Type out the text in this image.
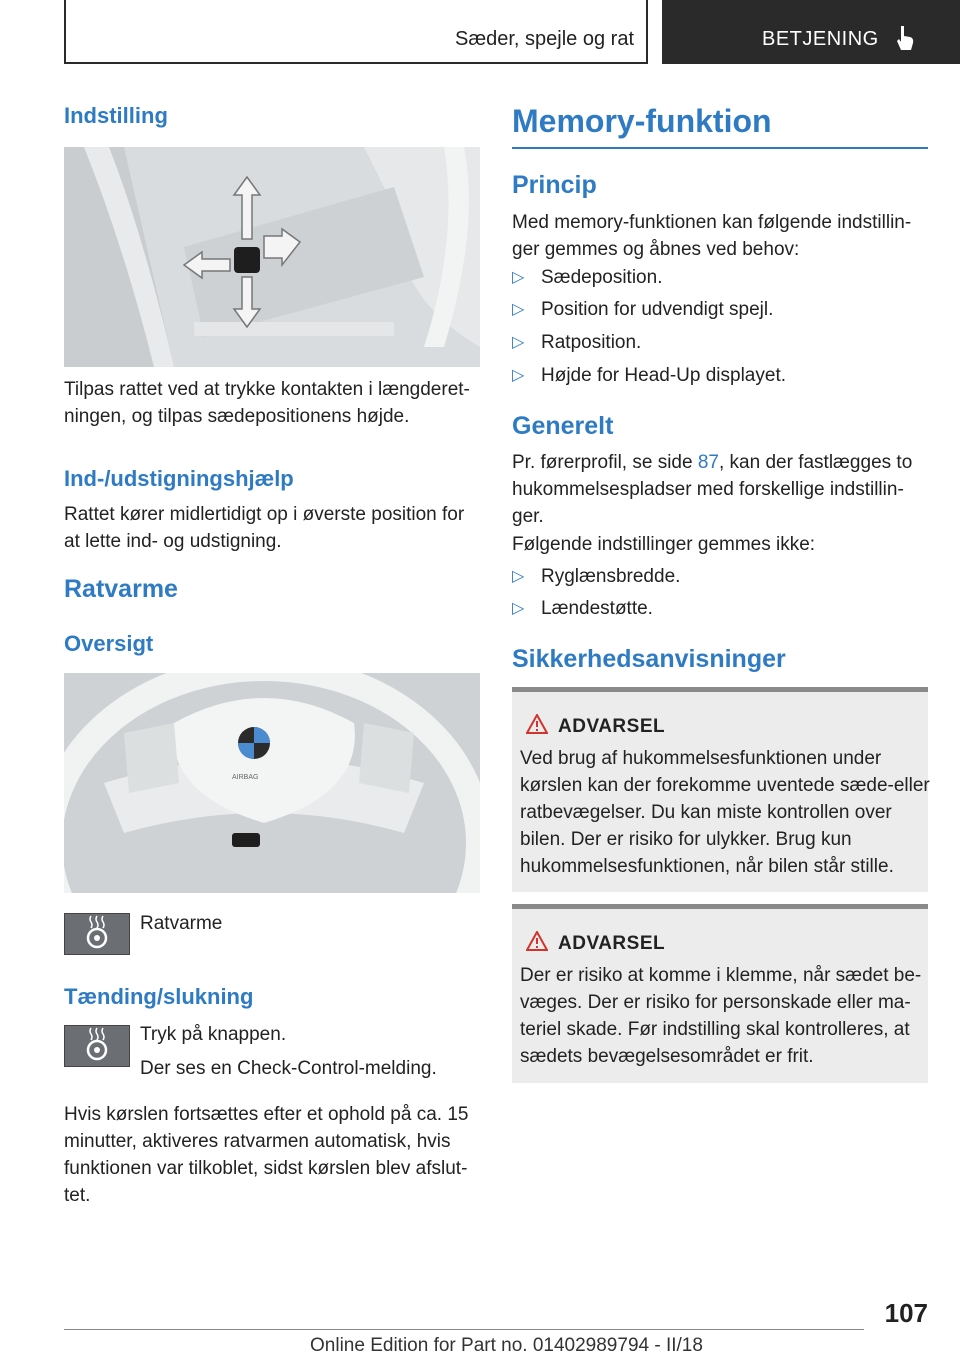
Sæder, spejle og rat	BETJENING
Indstilling
Tilpas rattet ved at trykke kontakten i længderet-ningen, og tilpas sædepositionens højde.
Ind-/udstigningshjælp
Rattet kører midlertidigt op i øverste position for at lette ind- og udstigning.
Ratvarme
Oversigt
AIRBAG
Ratvarme
Tænding/slukning
Tryk på knappen.
Der ses en Check-Control-melding.
Hvis kørslen fortsættes efter et ophold på ca. 15 minutter, aktiveres ratvarmen automatisk, hvis funktionen var tilkoblet, sidst kørslen blev afslut-tet.
Memory-funktion
Princip
Med memory-funktionen kan følgende indstillin-ger gemmes og åbnes ved behov:
▷ Sædeposition.
▷ Position for udvendigt spejl.
▷ Ratposition.
▷ Højde for Head-Up displayet.
Generelt
Pr. førerprofil, se side 87, kan der fastlægges to hukommelsespladser med forskellige indstillin-ger.
Følgende indstillinger gemmes ikke:
▷ Ryglænsbredde.
▷ Lændestøtte.
Sikkerhedsanvisninger
ADVARSEL
Ved brug af hukommelsesfunktionen under kørslen kan der forekomme uventede sæde-eller ratbevægelser. Du kan miste kontrollen over bilen. Der er risiko for ulykker. Brug kun hukommelsesfunktionen, når bilen står stille.
ADVARSEL
Der er risiko at komme i klemme, når sædet be-væges. Der er risiko for personskade eller ma-teriel skade. Før indstilling skal kontrolleres, at sædets bevægelsesområdet er frit.
107
Online Edition for Part no. 01402989794 - II/18
